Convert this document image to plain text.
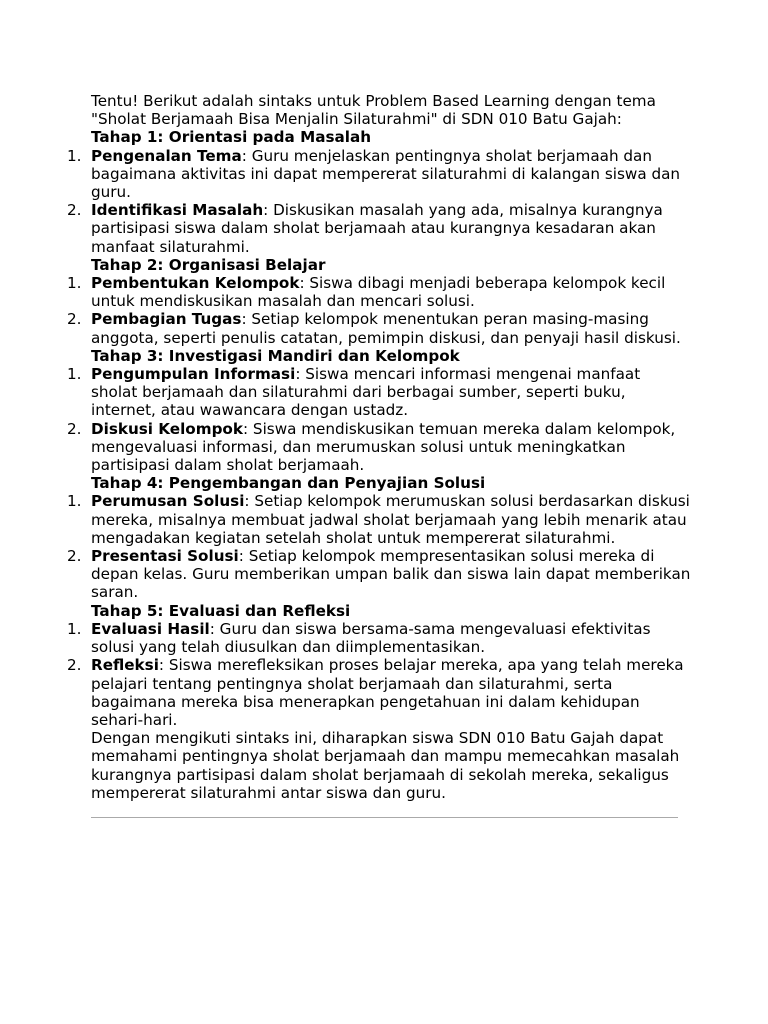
Tentu! Berikut adalah sintaks untuk Problem Based Learning dengan tema "Sholat Berjamaah Bisa Menjalin Silaturahmi" di SDN 010 Batu Gajah:

Tahap 1: Orientasi pada Masalah

1. Pengenalan Tema: Guru menjelaskan pentingnya sholat berjamaah dan bagaimana aktivitas ini dapat mempererat silaturahmi di kalangan siswa dan guru.
2. Identifikasi Masalah: Diskusikan masalah yang ada, misalnya kurangnya partisipasi siswa dalam sholat berjamaah atau kurangnya kesadaran akan manfaat silaturahmi.

Tahap 2: Organisasi Belajar

1. Pembentukan Kelompok: Siswa dibagi menjadi beberapa kelompok kecil untuk mendiskusikan masalah dan mencari solusi.
2. Pembagian Tugas: Setiap kelompok menentukan peran masing-masing anggota, seperti penulis catatan, pemimpin diskusi, dan penyaji hasil diskusi.

Tahap 3: Investigasi Mandiri dan Kelompok

1. Pengumpulan Informasi: Siswa mencari informasi mengenai manfaat sholat berjamaah dan silaturahmi dari berbagai sumber, seperti buku, internet, atau wawancara dengan ustadz.
2. Diskusi Kelompok: Siswa mendiskusikan temuan mereka dalam kelompok, mengevaluasi informasi, dan merumuskan solusi untuk meningkatkan partisipasi dalam sholat berjamaah.

Tahap 4: Pengembangan dan Penyajian Solusi

1. Perumusan Solusi: Setiap kelompok merumuskan solusi berdasarkan diskusi mereka, misalnya membuat jadwal sholat berjamaah yang lebih menarik atau mengadakan kegiatan setelah sholat untuk mempererat silaturahmi.
2. Presentasi Solusi: Setiap kelompok mempresentasikan solusi mereka di depan kelas. Guru memberikan umpan balik dan siswa lain dapat memberikan saran.

Tahap 5: Evaluasi dan Refleksi

1. Evaluasi Hasil: Guru dan siswa bersama-sama mengevaluasi efektivitas solusi yang telah diusulkan dan diimplementasikan.
2. Refleksi: Siswa merefleksikan proses belajar mereka, apa yang telah mereka pelajari tentang pentingnya sholat berjamaah dan silaturahmi, serta bagaimana mereka bisa menerapkan pengetahuan ini dalam kehidupan sehari-hari.

Dengan mengikuti sintaks ini, diharapkan siswa SDN 010 Batu Gajah dapat memahami pentingnya sholat berjamaah dan mampu memecahkan masalah kurangnya partisipasi dalam sholat berjamaah di sekolah mereka, sekaligus mempererat silaturahmi antar siswa dan guru.
